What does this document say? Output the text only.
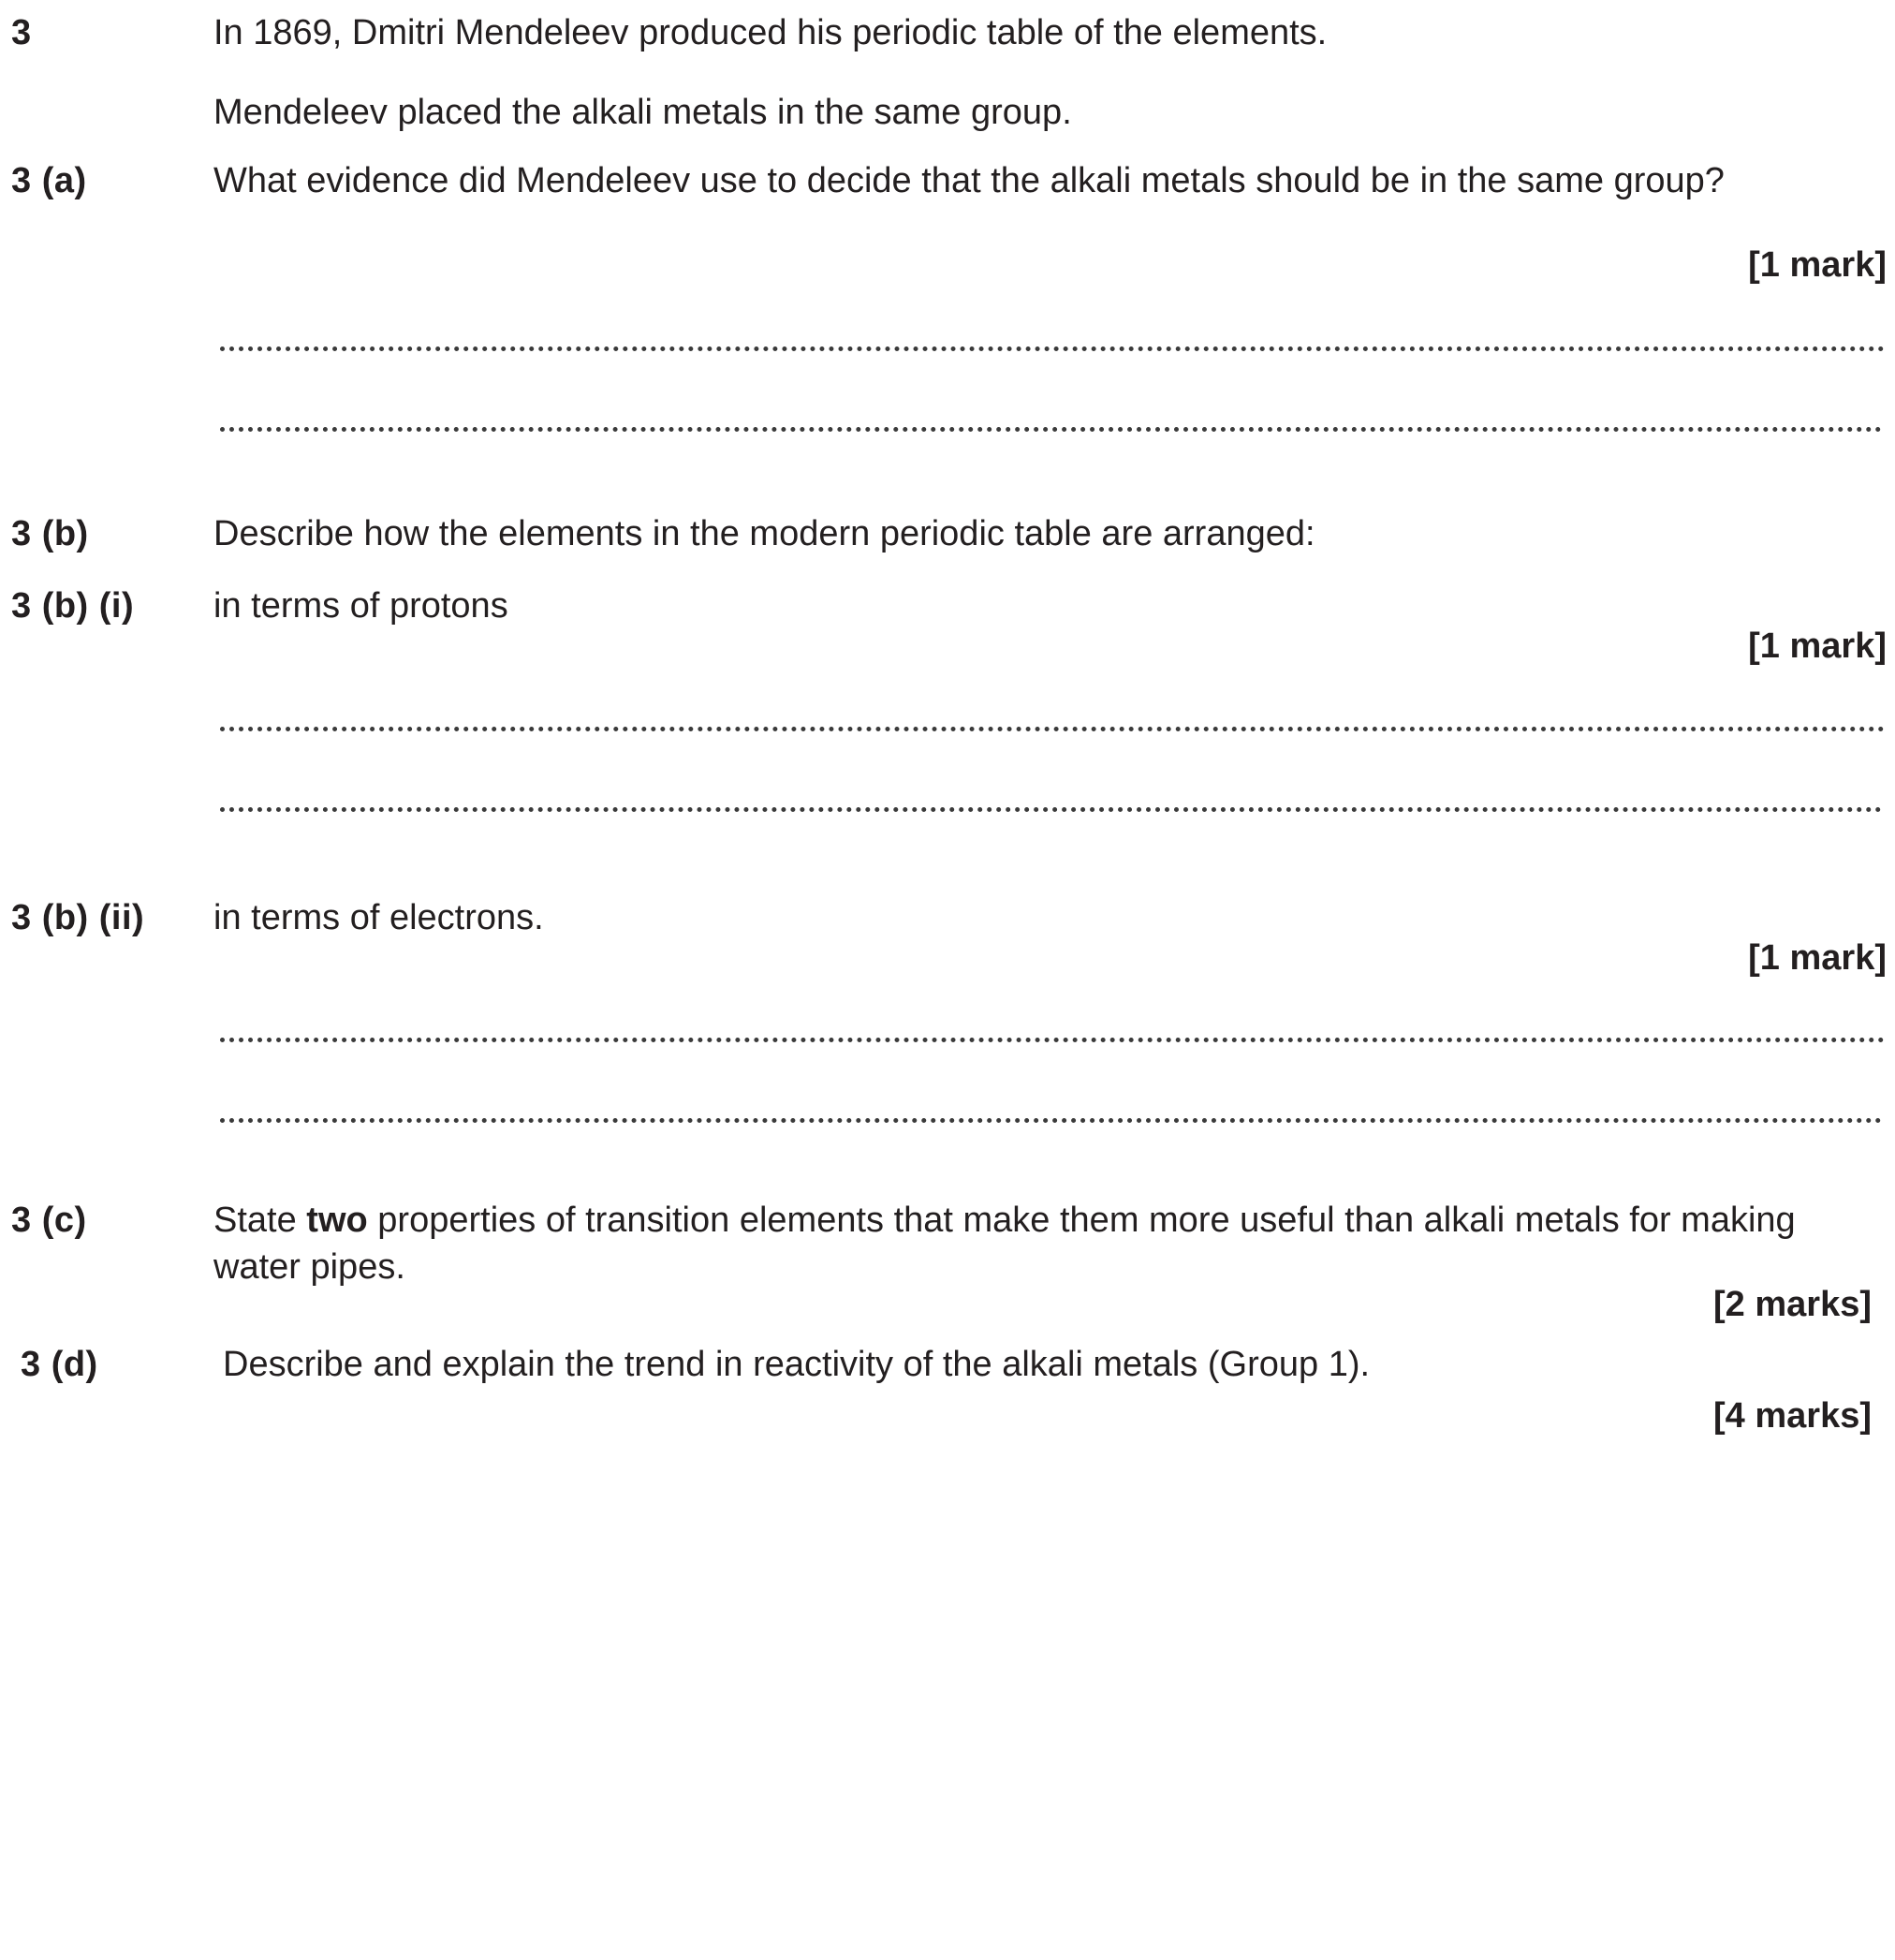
3	In 1869, Dmitri Mendeleev produced his periodic table of the elements.
Mendeleev placed the alkali metals in the same group.
3 (a)	What evidence did Mendeleev use to decide that the alkali metals should be in the same group?
[1 mark]
3 (b)	Describe how the elements in the modern periodic table are arranged:
3 (b) (i) in terms of protons
[1 mark]
3 (b) (ii) in terms of electrons.
[1 mark]
3 (c)	State two properties of transition elements that make them more useful than alkali metals for making water pipes.
[2 marks]
3 (d)	Describe and explain the trend in reactivity of the alkali metals (Group 1).
[4 marks]
